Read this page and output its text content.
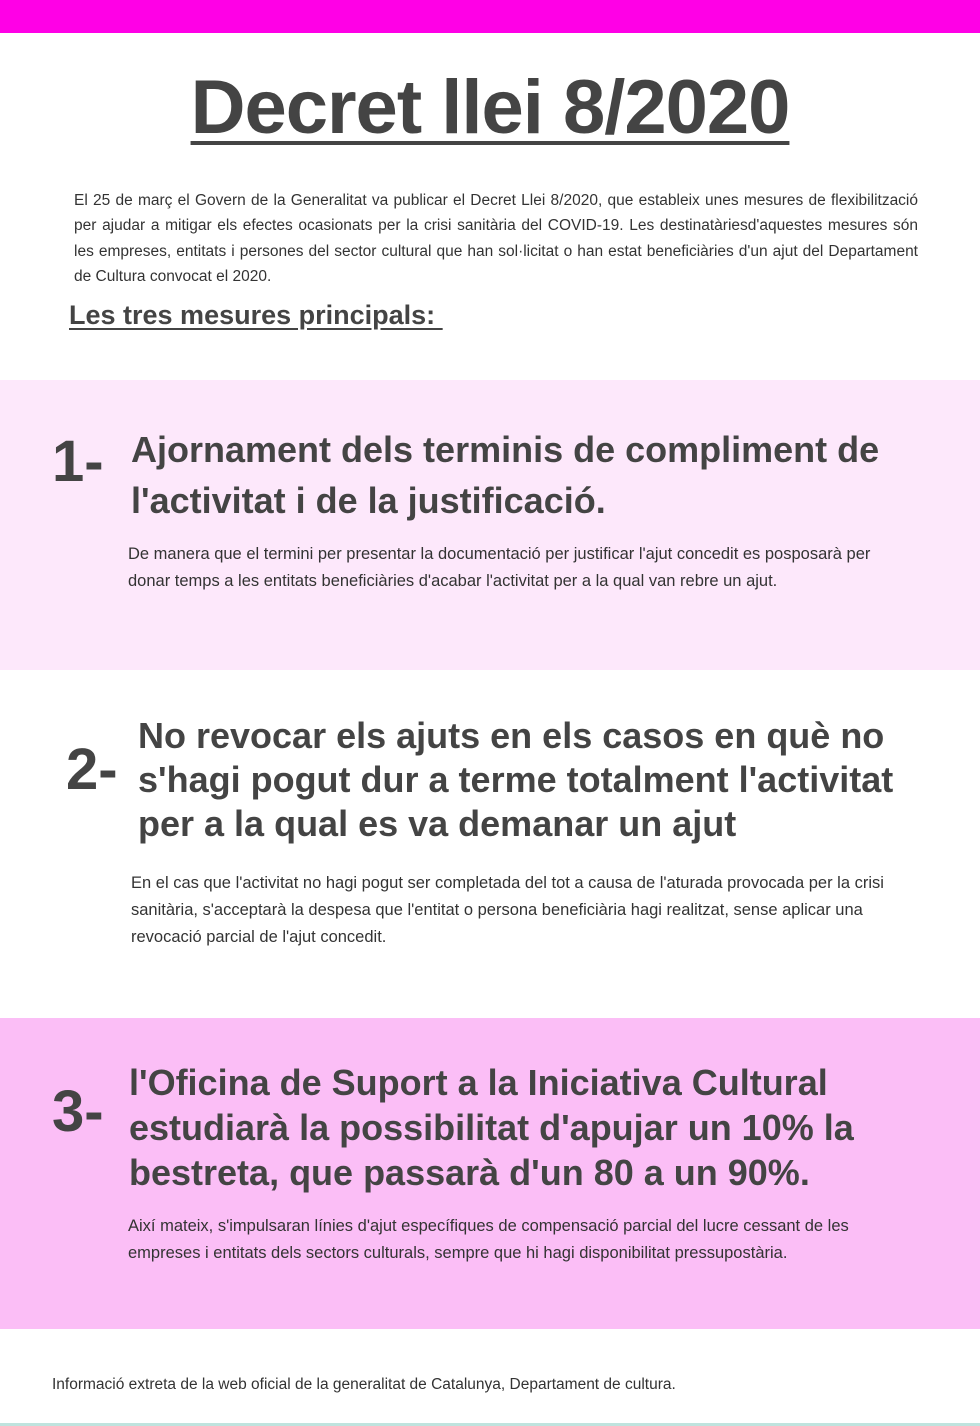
Decret llei 8/2020

El 25 de març el Govern de la Generalitat va publicar el Decret Llei 8/2020, que estableix unes mesures de flexibilització per ajudar a mitigar els efectes ocasionats per la crisi sanitària del COVID-19. Les destinatàriesd'aquestes mesures són les empreses, entitats i persones del sector cultural que han sol·licitat o han estat beneficiàries d'un ajut del Departament de Cultura convocat el 2020.

Les tres mesures principals:
1- Ajornament dels terminis de compliment de l'activitat i de la justificació.

De manera que el termini per presentar la documentació per justificar l'ajut concedit es posposarà per donar temps a les entitats beneficiàries d'acabar l'activitat per a la qual van rebre un ajut.

2-
No revocar els ajuts en els casos en què no s'hagi pogut dur a terme totalment l'activitat per a la qual es va demanar un ajut

En el cas que l'activitat no hagi pogut ser completada del tot a causa de l'aturada provocada per la crisi sanitària, s'acceptarà la despesa que l'entitat o persona beneficiària hagi realitzat, sense aplicar una revocació parcial de l'ajut concedit.

3- l'Oficina de Suport a la Iniciativa Cultural estudiarà la possibilitat d'apujar un 10% la bestreta, que passarà d'un 80 a un 90%.

Així mateix, s'impulsaran línies d'ajut específiques de compensació parcial del lucre cessant de les empreses i entitats dels sectors culturals, sempre que hi hagi disponibilitat pressupostària.

Informació extreta de la web oficial de la generalitat de Catalunya, Departament de cultura.
